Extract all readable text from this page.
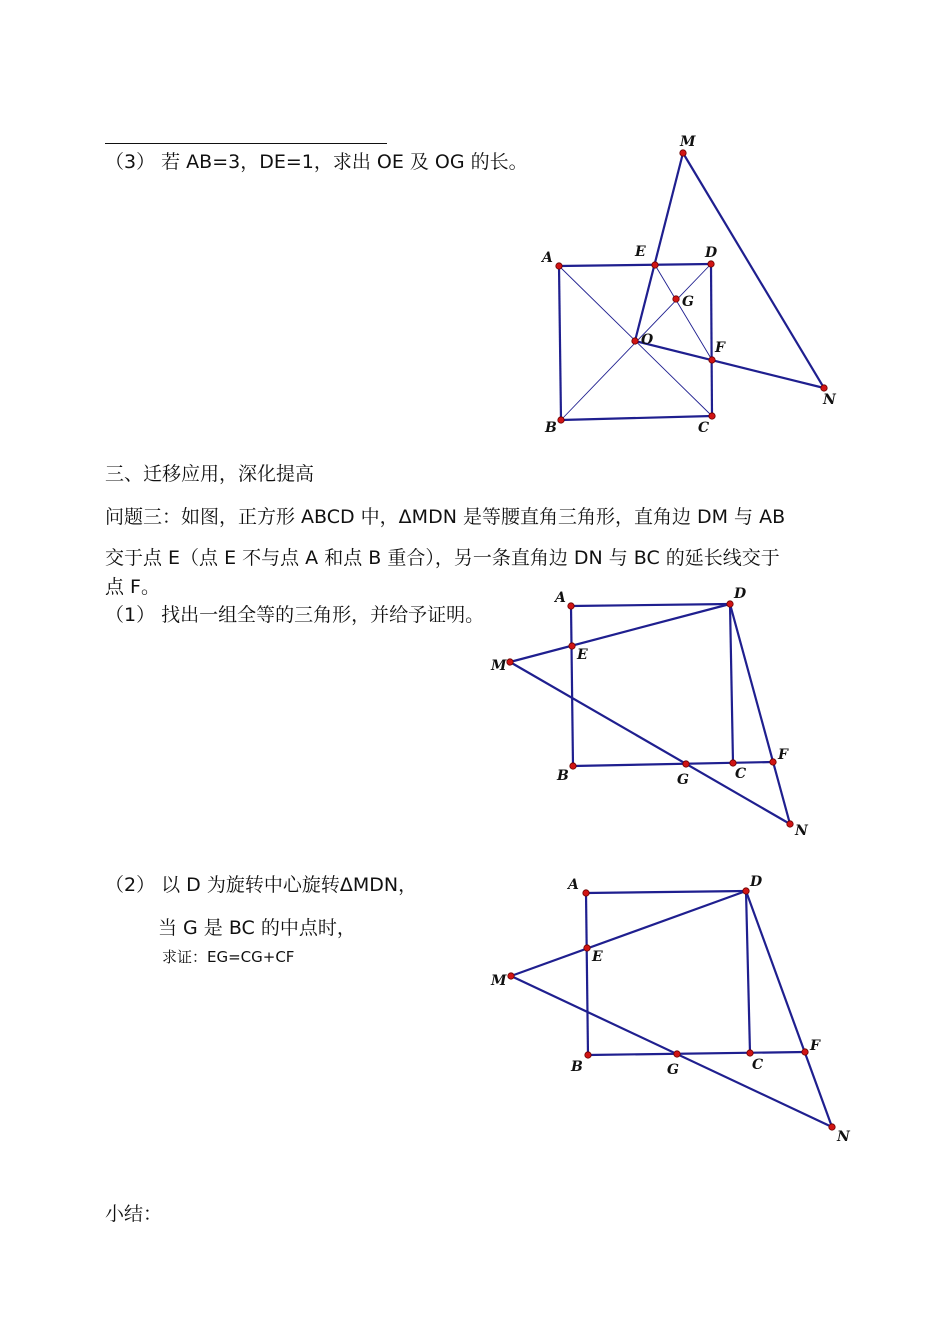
（3） 若 AB=3，DE=1，求出 OE 及 OG 的长。
M
A	E	D
G
O	F
B	C
N
三、迁移应用，深化提高
问题三：如图，正方形 ABCD 中，ΔMDN 是等腰直角三角形，直角边 DM 与 AB
交于点 E（点 E 不与点 A 和点 B 重合），另一条直角边 DN 与 BC 的延长线交于
点 F。
（1） 找出一组全等的三角形，并给予证明。
A	D
M
E
F
B	G	C
N
（2） 以 D 为旋转中心旋转ΔMDN，
当 G 是 BC 的中点时，
求证：EG=CG+CF
A	D
E
M
F
B	G	C
N
小结：
